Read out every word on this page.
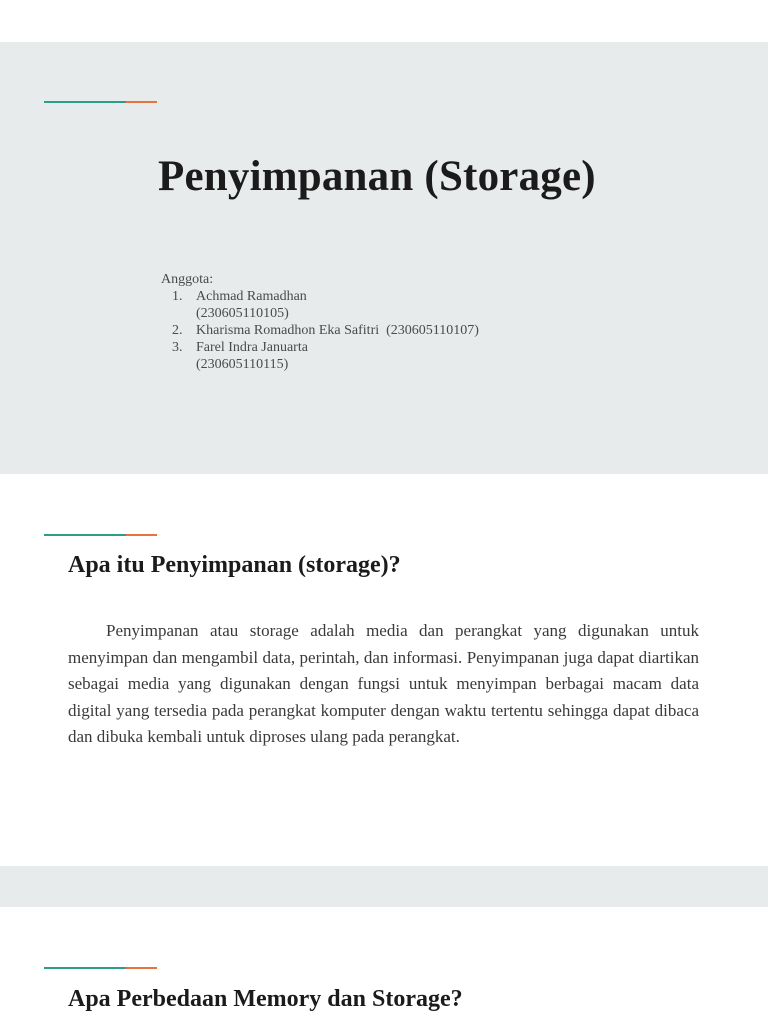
Penyimpanan (Storage)

Anggota:

1. Achmad Ramadhan
(230605110105)
2. Kharisma Romadhon Eka Safitri (230605110107)
3. Farel Indra Januarta
(230605110115)
Apa itu Penyimpanan (storage)?

Penyimpanan atau storage adalah media dan perangkat yang digunakan untuk menyimpan dan mengambil data, perintah, dan informasi. Penyimpanan juga dapat diartikan sebagai media yang digunakan dengan fungsi untuk menyimpan berbagai macam data digital yang tersedia pada perangkat komputer dengan waktu tertentu sehingga dapat dibaca dan dibuka kembali untuk diproses ulang pada perangkat.

Apa Perbedaan Memory dan Storage?
